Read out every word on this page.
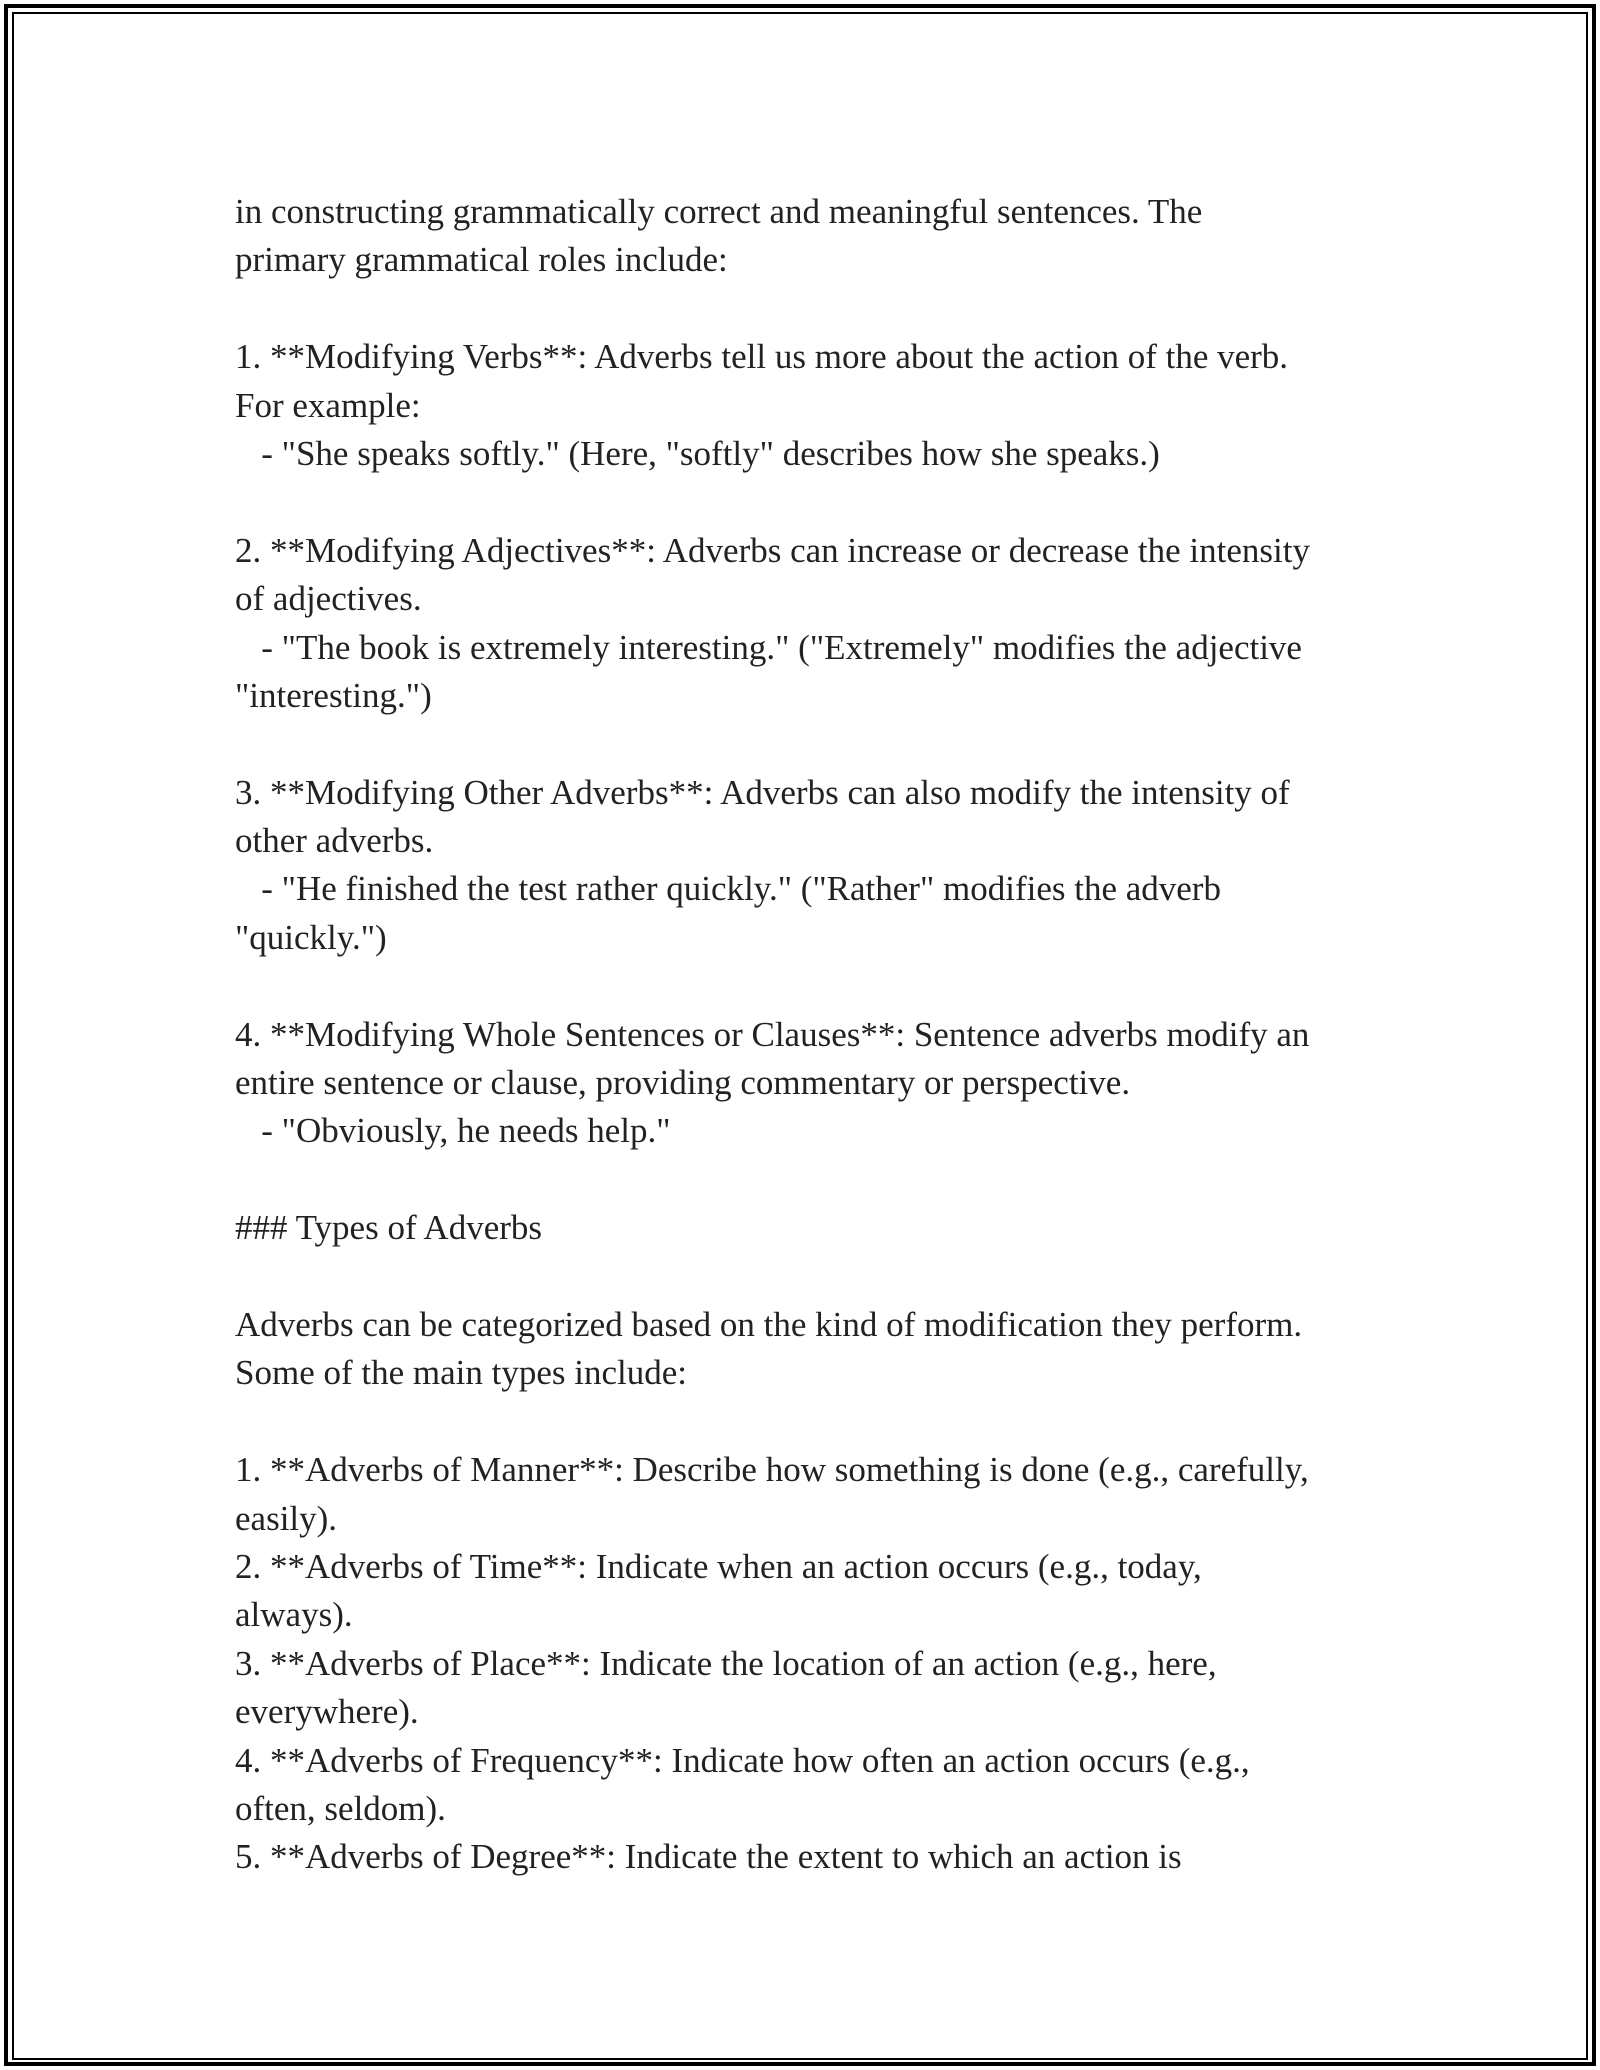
in constructing grammatically correct and meaningful sentences. The
primary grammatical roles include:
1. **Modifying Verbs**: Adverbs tell us more about the action of the verb.
For example:
- "She speaks softly." (Here, "softly" describes how she speaks.)
2. **Modifying Adjectives**: Adverbs can increase or decrease the intensity
of adjectives.
- "The book is extremely interesting." ("Extremely" modifies the adjective
"interesting.")
3. **Modifying Other Adverbs**: Adverbs can also modify the intensity of
other adverbs.
- "He finished the test rather quickly." ("Rather" modifies the adverb
"quickly.")
4. **Modifying Whole Sentences or Clauses**: Sentence adverbs modify an
entire sentence or clause, providing commentary or perspective.
- "Obviously, he needs help."
### Types of Adverbs
Adverbs can be categorized based on the kind of modification they perform.
Some of the main types include:
1. **Adverbs of Manner**: Describe how something is done (e.g., carefully,
easily).
2. **Adverbs of Time**: Indicate when an action occurs (e.g., today,
always).
3. **Adverbs of Place**: Indicate the location of an action (e.g., here,
everywhere).
4. **Adverbs of Frequency**: Indicate how often an action occurs (e.g.,
often, seldom).
5. **Adverbs of Degree**: Indicate the extent to which an action is
